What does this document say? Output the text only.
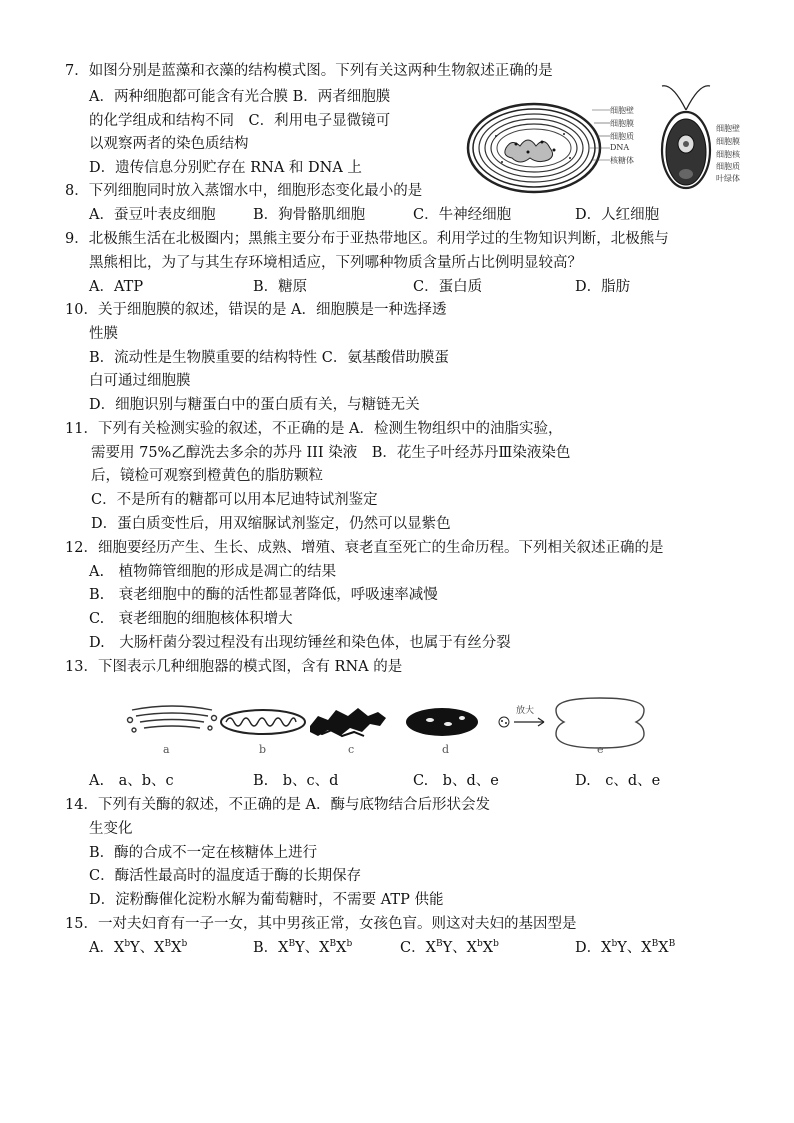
7．如图分别是蓝藻和衣藻的结构模式图。下列有关这两种生物叙述正确的是
A．两种细胞都可能含有光合膜 B．两者细胞膜
的化学组成和结构不同　C．利用电子显微镜可
以观察两者的染色质结构
D．遗传信息分别贮存在 RNA 和 DNA 上
细胞壁
细胞膜
细胞质
DNA
核糖体
细胞壁
细胞膜
细胞核
细胞质
叶绿体
8．下列细胞同时放入蒸馏水中，细胞形态变化最小的是
A．蚕豆叶表皮细胞	B．狗骨骼肌细胞	C．牛神经细胞	D．人红细胞
9．北极熊生活在北极圈内；黑熊主要分布于亚热带地区。利用学过的生物知识判断，北极熊与
黑熊相比，为了与其生存环境相适应，下列哪种物质含量所占比例明显较高？
A．ATP	B．糖原	C．蛋白质	D．脂肪
10．关于细胞膜的叙述，错误的是 A．细胞膜是一种选择透
性膜
B．流动性是生物膜重要的结构特性 C．氨基酸借助膜蛋
白可通过细胞膜
D．细胞识别与糖蛋白中的蛋白质有关，与糖链无关
11．下列有关检测实验的叙述，不正确的是 A．检测生物组织中的油脂实验，
需要用 75%乙醇洗去多余的苏丹 III 染液　B．花生子叶经苏丹Ⅲ染液染色
后，镜检可观察到橙黄色的脂肪颗粒
C．不是所有的糖都可以用本尼迪特试剂鉴定
D．蛋白质变性后，用双缩脲试剂鉴定，仍然可以显紫色
12．细胞要经历产生、生长、成熟、增殖、衰老直至死亡的生命历程。下列相关叙述正确的是
A.　植物筛管细胞的形成是凋亡的结果
B.　衰老细胞中的酶的活性都显著降低，呼吸速率减慢
C.　衰老细胞的细胞核体积增大
D.　大肠杆菌分裂过程没有出现纺锤丝和染色体，也属于有丝分裂
13．下图表示几种细胞器的模式图，含有 RNA 的是
放大
a	b	c	d	e
A.　a、b、c	B.　b、c、d	C.　b、d、e	D.　c、d、e
14．下列有关酶的叙述，不正确的是 A．酶与底物结合后形状会发
生变化
B．酶的合成不一定在核糖体上进行
C．酶活性最高时的温度适于酶的长期保存
D．淀粉酶催化淀粉水解为葡萄糖时，不需要 ATP 供能
15．一对夫妇育有一子一女，其中男孩正常，女孩色盲。则这对夫妇的基因型是
A．$X^bY$、$X^BX^b$	B．$X^BY$、$X^BX^b$	C．$X^BY$、$X^bX^b$	D．$X^bY$、$X^BX^B$
